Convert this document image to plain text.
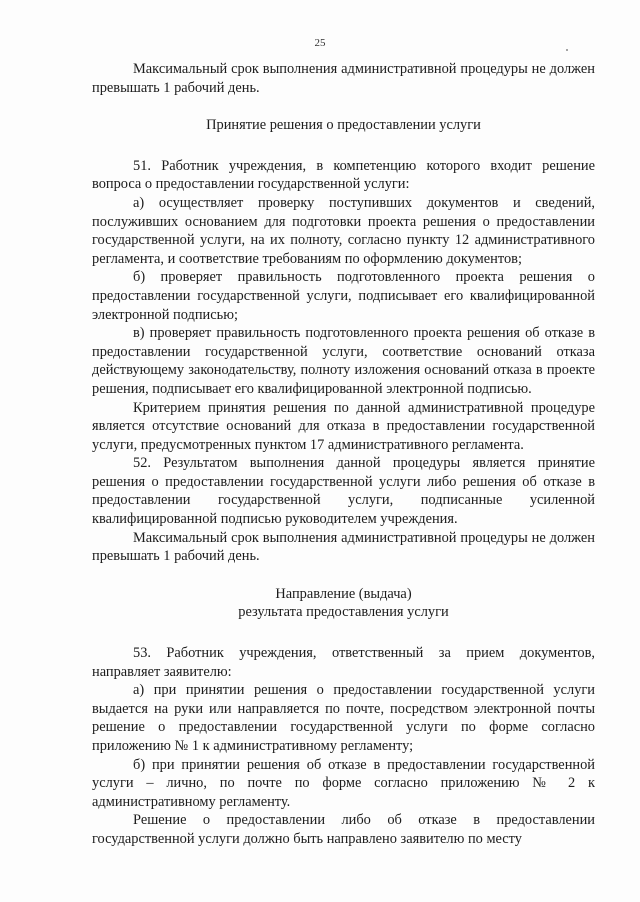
25

Максимальный срок выполнения административной процедуры не должен превышать 1 рабочий день.

Принятие решения о предоставлении услуги

51. Работник учреждения, в компетенцию которого входит решение вопроса о предоставлении государственной услуги:

а) осуществляет проверку поступивших документов и сведений, послуживших основанием для подготовки проекта решения о предоставлении государственной услуги, на их полноту, согласно пункту 12 административного регламента, и соответствие требованиям по оформлению документов;

б) проверяет правильность подготовленного проекта решения о предоставлении государственной услуги, подписывает его квалифицированной электронной подписью;

в) проверяет правильность подготовленного проекта решения об отказе в предоставлении государственной услуги, соответствие оснований отказа действующему законодательству, полноту изложения оснований отказа в проекте решения, подписывает его квалифицированной электронной подписью.

Критерием принятия решения по данной административной процедуре является отсутствие оснований для отказа в предоставлении государственной услуги, предусмотренных пунктом 17 административного регламента.

52. Результатом выполнения данной процедуры является принятие решения о предоставлении государственной услуги либо решения об отказе в предоставлении государственной услуги, подписанные усиленной квалифицированной подписью руководителем учреждения.

Максимальный срок выполнения административной процедуры не должен превышать 1 рабочий день.

Направление (выдача)

результата предоставления услуги

53. Работник учреждения, ответственный за прием документов, направляет заявителю:

а) при принятии решения о предоставлении государственной услуги выдается на руки или направляется по почте, посредством электронной почты решение о предоставлении государственной услуги по форме согласно приложению № 1 к административному регламенту;

б) при принятии решения об отказе в предоставлении государственной услуги – лично, по почте по форме согласно приложению № 2 к административному регламенту.

Решение о предоставлении либо об отказе в предоставлении государственной услуги должно быть направлено заявителю по месту
